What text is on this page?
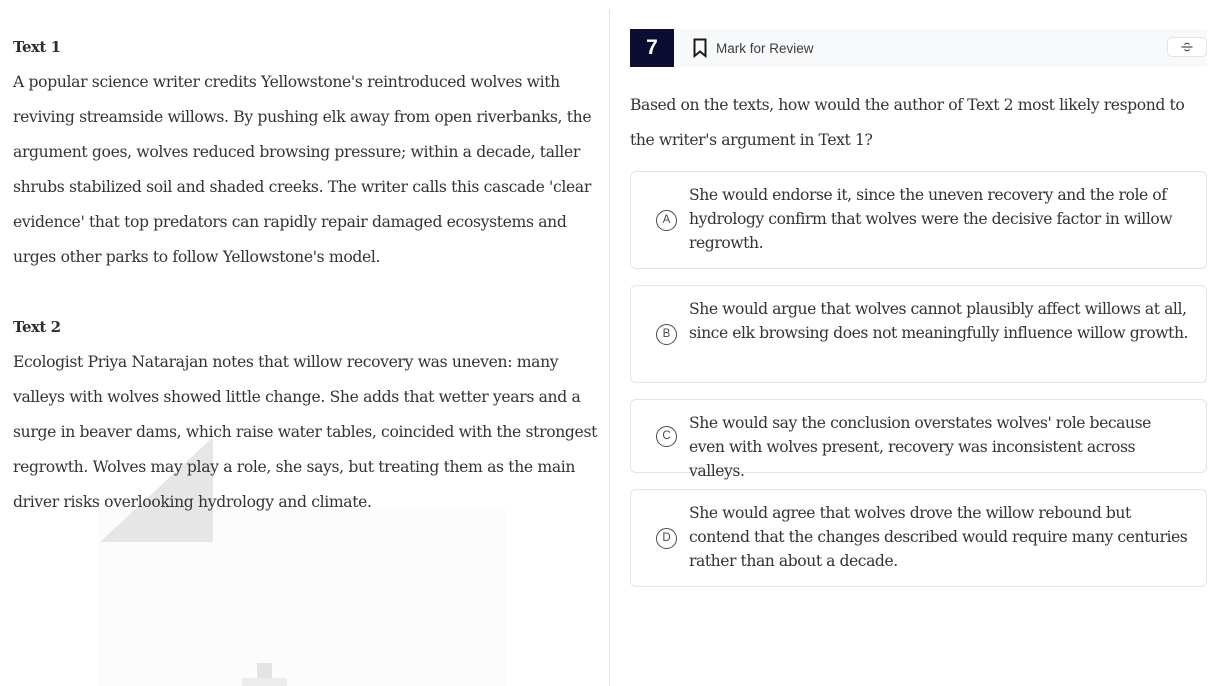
Text 1

A popular science writer credits Yellowstone's reintroduced wolves with reviving streamside willows. By pushing elk away from open riverbanks, the argument goes, wolves reduced browsing pressure; within a decade, taller shrubs stabilized soil and shaded creeks. The writer calls this cascade 'clear evidence' that top predators can rapidly repair damaged ecosystems and urges other parks to follow Yellowstone's model.

Text 2

Ecologist Priya Natarajan notes that willow recovery was uneven: many valleys with wolves showed little change. She adds that wetter years and a surge in beaver dams, which raise water tables, coincided with the strongest regrowth. Wolves may play a role, she says, but treating them as the main driver risks overlooking hydrology and climate.

7	Mark for Review
Based on the texts, how would the author of Text 2 most likely respond to the writer's argument in Text 1?
A
She would endorse it, since the uneven recovery and the role of hydrology confirm that wolves were the decisive factor in willow regrowth.
B
She would argue that wolves cannot plausibly affect willows at all, since elk browsing does not meaningfully influence willow growth.
C
She would say the conclusion overstates wolves' role because even with wolves present, recovery was inconsistent across valleys.
D
She would agree that wolves drove the willow rebound but contend that the changes described would require many centuries rather than about a decade.
